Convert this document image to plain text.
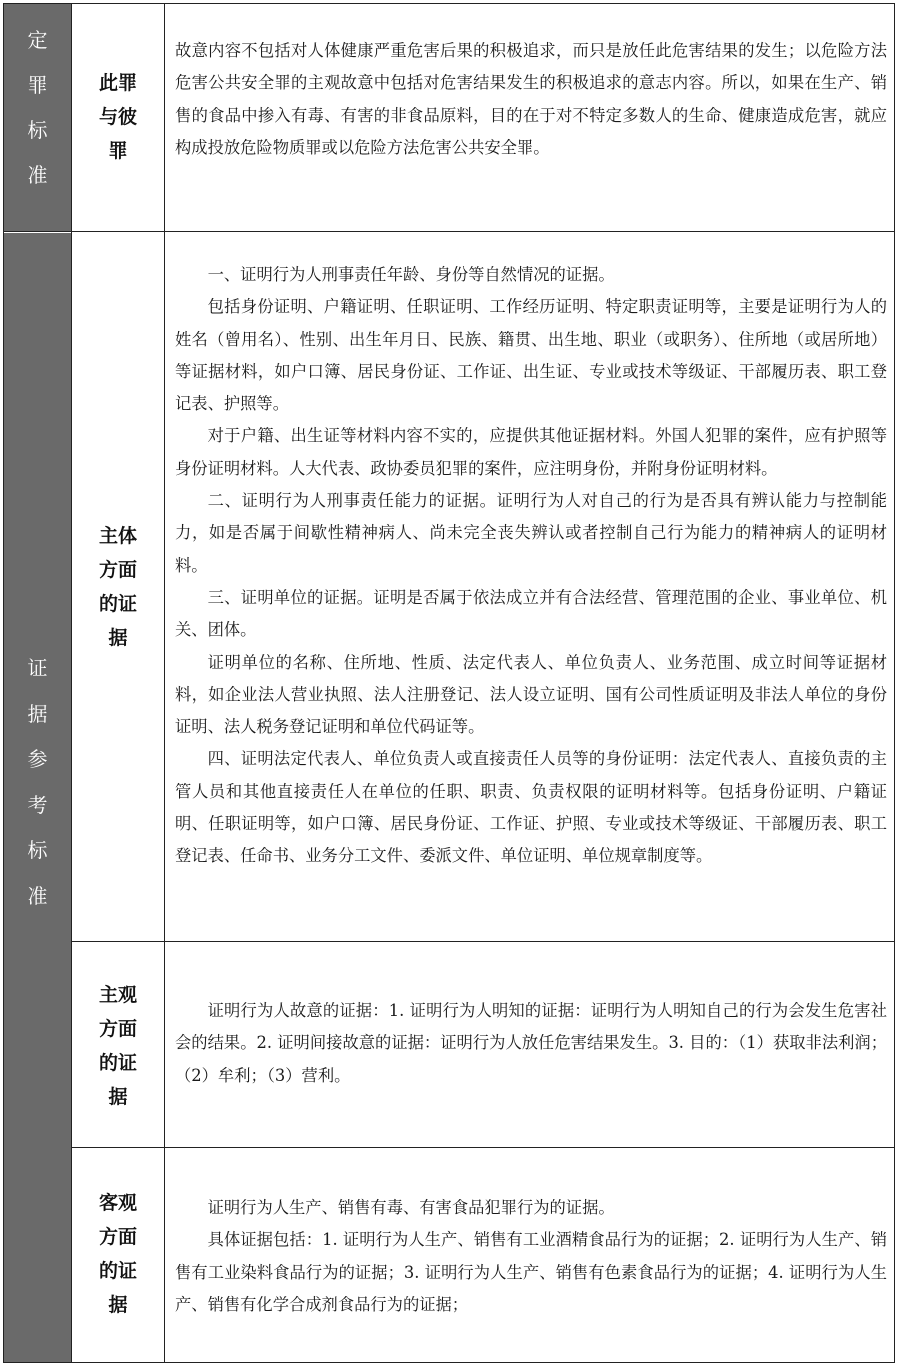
定罪标准
证据参考标准
此罪与彼罪
主体方面的证据
主观方面的证据
客观方面的证据

故意内容不包括对人体健康严重危害后果的积极追求，而只是放任此危害结果的发生；以危险方法危害公共安全罪的主观故意中包括对危害结果发生的积极追求的意志内容。所以，如果在生产、销售的食品中掺入有毒、有害的非食品原料，目的在于对不特定多数人的生命、健康造成危害，就应构成投放危险物质罪或以危险方法危害公共安全罪。

一、证明行为人刑事责任年龄、身份等自然情况的证据。

包括身份证明、户籍证明、任职证明、工作经历证明、特定职责证明等，主要是证明行为人的姓名（曾用名）、性别、出生年月日、民族、籍贯、出生地、职业（或职务）、住所地（或居所地）等证据材料，如户口簿、居民身份证、工作证、出生证、专业或技术等级证、干部履历表、职工登记表、护照等。

对于户籍、出生证等材料内容不实的，应提供其他证据材料。外国人犯罪的案件，应有护照等身份证明材料。人大代表、政协委员犯罪的案件，应注明身份，并附身份证明材料。

二、证明行为人刑事责任能力的证据。证明行为人对自己的行为是否具有辨认能力与控制能力，如是否属于间歇性精神病人、尚未完全丧失辨认或者控制自己行为能力的精神病人的证明材料。

三、证明单位的证据。证明是否属于依法成立并有合法经营、管理范围的企业、事业单位、机关、团体。

证明单位的名称、住所地、性质、法定代表人、单位负责人、业务范围、成立时间等证据材料，如企业法人营业执照、法人注册登记、法人设立证明、国有公司性质证明及非法人单位的身份证明、法人税务登记证明和单位代码证等。

四、证明法定代表人、单位负责人或直接责任人员等的身份证明：法定代表人、直接负责的主管人员和其他直接责任人在单位的任职、职责、负责权限的证明材料等。包括身份证明、户籍证明、任职证明等，如户口簿、居民身份证、工作证、护照、专业或技术等级证、干部履历表、职工登记表、任命书、业务分工文件、委派文件、单位证明、单位规章制度等。

证明行为人故意的证据：1. 证明行为人明知的证据：证明行为人明知自己的行为会发生危害社会的结果。2. 证明间接故意的证据：证明行为人放任危害结果发生。3. 目的：（1）获取非法利润；（2）牟利；（3）营利。

证明行为人生产、销售有毒、有害食品犯罪行为的证据。

具体证据包括：1. 证明行为人生产、销售有工业酒精食品行为的证据；2. 证明行为人生产、销售有工业染料食品行为的证据；3. 证明行为人生产、销售有色素食品行为的证据；4. 证明行为人生产、销售有化学合成剂食品行为的证据；
